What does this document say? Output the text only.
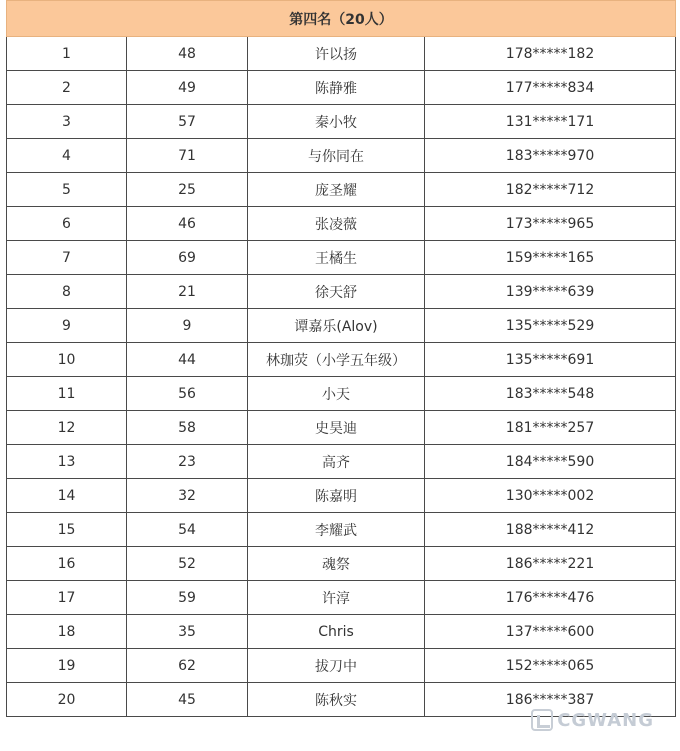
第四名（20人）			
1	48	许以扬	178*****182
2	49	陈静雅	177*****834
3	57	秦小牧	131*****171
4	71	与你同在	183*****970
5	25	庞圣耀	182*****712
6	46	张凌薇	173*****965
7	69	王橘生	159*****165
8	21	徐天舒	139*****639
9	9	谭嘉乐(Alov)	135*****529
10	44	林珈荧（小学五年级）	135*****691
11	56	小天	183*****548
12	58	史昊迪	181*****257
13	23	高齐	184*****590
14	32	陈嘉明	130*****002
15	54	李耀武	188*****412
16	52	魂祭	186*****221
17	59	许淳	176*****476
18	35	Chris	137*****600
19	62	拔刀中	152*****065
20	45	陈秋实	186*****387
CGWANG
